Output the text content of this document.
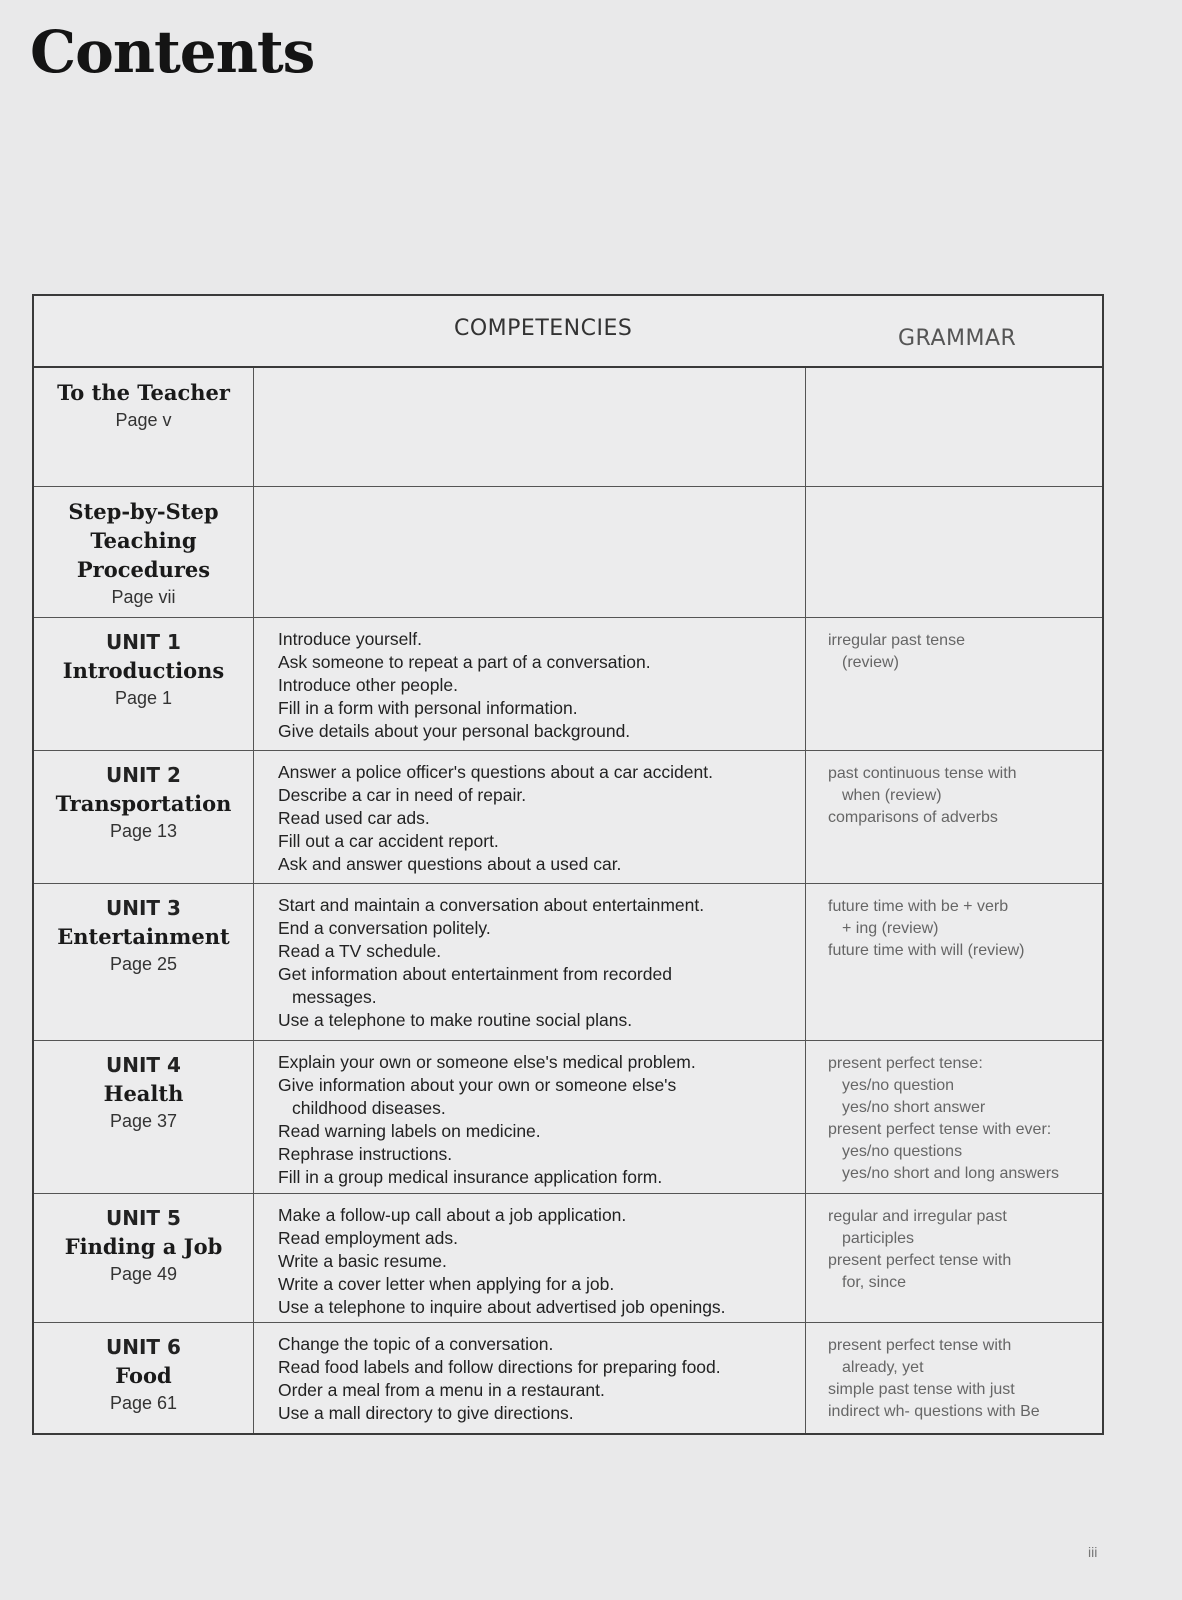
Contents
COMPETENCIES	GRAMMAR
To the Teacher
Page v
Step-by-Step
Teaching
Procedures
Page vii
UNIT 1
Introductions
Page 1
Introduce yourself.
Ask someone to repeat a part of a conversation.
Introduce other people.
Fill in a form with personal information.
Give details about your personal background.
irregular past tense
(review)
UNIT 2
Transportation
Page 13
Answer a police officer's questions about a car accident.
Describe a car in need of repair.
Read used car ads.
Fill out a car accident report.
Ask and answer questions about a used car.
past continuous tense with
when (review)
comparisons of adverbs
UNIT 3
Entertainment
Page 25
Start and maintain a conversation about entertainment.
End a conversation politely.
Read a TV schedule.
Get information about entertainment from recorded
messages.
Use a telephone to make routine social plans.
future time with be + verb
+ ing (review)
future time with will (review)
UNIT 4
Health
Page 37
Explain your own or someone else's medical problem.
Give information about your own or someone else's
childhood diseases.
Read warning labels on medicine.
Rephrase instructions.
Fill in a group medical insurance application form.
present perfect tense:
yes/no question
yes/no short answer
present perfect tense with ever:
yes/no questions
yes/no short and long answers
UNIT 5
Finding a Job
Page 49
Make a follow-up call about a job application.
Read employment ads.
Write a basic resume.
Write a cover letter when applying for a job.
Use a telephone to inquire about advertised job openings.
regular and irregular past
participles
present perfect tense with
for, since
UNIT 6
Food
Page 61
Change the topic of a conversation.
Read food labels and follow directions for preparing food.
Order a meal from a menu in a restaurant.
Use a mall directory to give directions.
present perfect tense with
already, yet
simple past tense with just
indirect wh- questions with Be
iii
